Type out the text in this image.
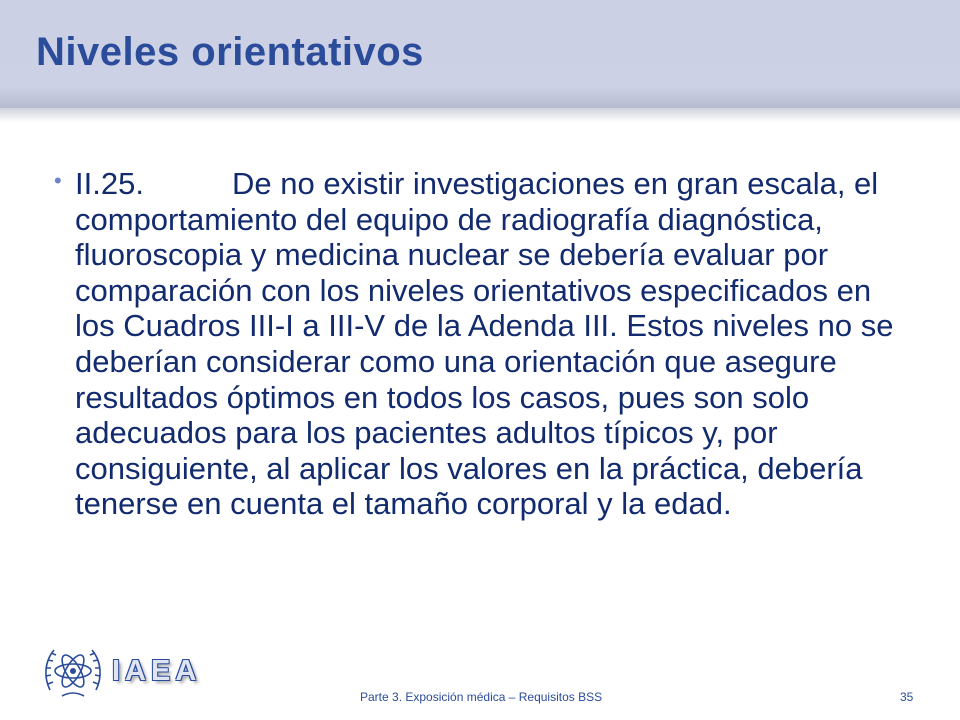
Niveles orientativos
• II.25.	De no existir investigaciones en gran escala, el comportamiento del equipo de radiografía diagnóstica, fluoroscopia y medicina nuclear se debería evaluar por comparación con los niveles orientativos especificados en los Cuadros III-I a III-V de la Adenda III. Estos niveles no se deberían considerar como una orientación que asegure resultados óptimos en todos los casos, pues son solo adecuados para los pacientes adultos típicos y, por consiguiente, al aplicar los valores en la práctica, debería tenerse en cuenta el tamaño corporal y la edad.

IAEA
Parte 3. Exposición médica – Requisitos BSS	35
